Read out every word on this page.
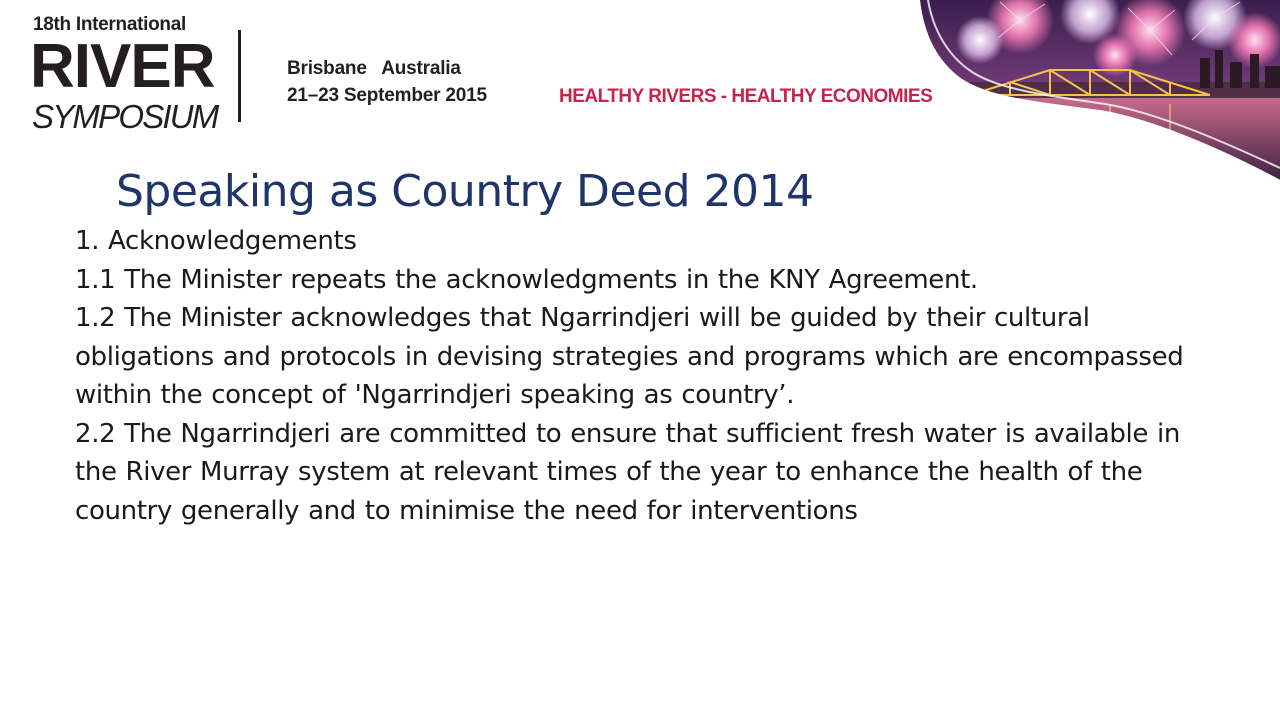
18th International
RIVER
SYMPOSIUM
Brisbane   Australia
21–23 September 2015	HEALTHY RIVERS - HEALTHY ECONOMIES
Speaking as Country Deed 2014

1. Acknowledgements

1.1 The Minister repeats the acknowledgments in the KNY Agreement.

1.2 The Minister acknowledges that Ngarrindjeri will be guided by their cultural obligations and protocols in devising strategies and programs which are encompassed within the concept of 'Ngarrindjeri speaking as country’.

2.2 The Ngarrindjeri are committed to ensure that sufficient fresh water is available in the River Murray system at relevant times of the year to enhance the health of the country generally and to minimise the need for interventions
